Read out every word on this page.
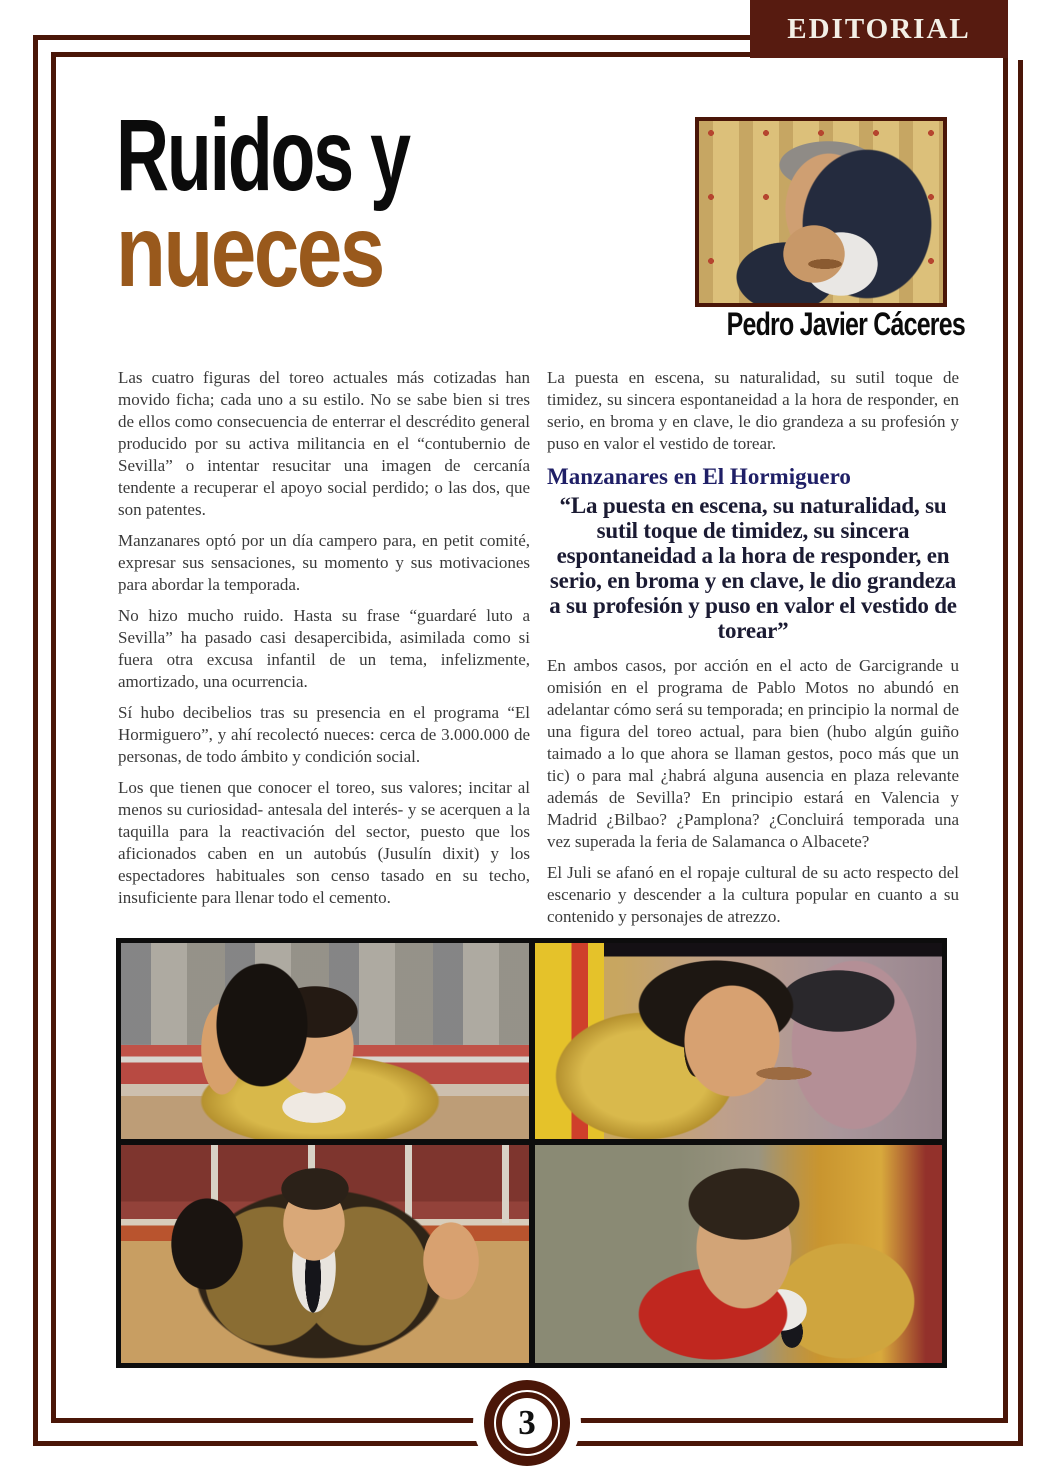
EDITORIAL
Ruidos y
nueces
Pedro Javier Cáceres

Las cuatro figuras del toreo actuales más cotizadas han movido ficha; cada uno a su estilo. No se sabe bien si tres de ellos como consecuencia de enterrar el descrédito general producido por su activa militancia en el “contubernio de Sevilla” o intentar resucitar una imagen de cercanía tendente a recuperar el apoyo social perdido; o las dos, que son patentes.

Manzanares optó por un día campero para, en petit comité, expresar sus sensaciones, su momento y sus motivaciones para abordar la temporada.

No hizo mucho ruido. Hasta su frase “guardaré luto a Sevilla” ha pasado casi desapercibida, asimilada como si fuera otra excusa infantil de un tema, infelizmente, amortizado, una ocurrencia.

Sí hubo decibelios tras su presencia en el programa “El Hormiguero”, y ahí recolectó nueces: cerca de 3.000.000 de personas, de todo ámbito y condición social.

Los que tienen que conocer el toreo, sus valores; incitar al menos su curiosidad- antesala del interés- y se acerquen a la taquilla para la reactivación del sector, puesto que los aficionados caben en un autobús (Jusulín dixit) y los espectadores habituales son censo tasado en su techo, insuficiente para llenar todo el cemento.

La puesta en escena, su naturalidad, su sutil toque de timidez, su sincera espontaneidad a la hora de responder, en serio, en broma y en clave, le dio grandeza a su profesión y puso en valor el vestido de torear.

Manzanares en El Hormiguero
“La puesta en escena, su naturalidad, su sutil toque de timidez, su sincera espontaneidad a la hora de responder, en serio, en broma y en clave, le dio grandeza a su profesión y puso en valor el vestido de torear”

En ambos casos, por acción en el acto de Garcigrande u omisión en el programa de Pablo Motos no abundó en adelantar cómo será su temporada; en principio la normal de una figura del toreo actual, para bien (hubo algún guiño taimado a lo que ahora se llaman gestos, poco más que un tic) o para mal ¿habrá alguna ausencia en plaza relevante además de Sevilla? En principio estará en Valencia y Madrid ¿Bilbao? ¿Pamplona? ¿Concluirá temporada una vez superada la feria de Salamanca o Albacete?

El Juli se afanó en el ropaje cultural de su acto respecto del escenario y descender a la cultura popular en cuanto a su contenido y personajes de atrezzo.

3
